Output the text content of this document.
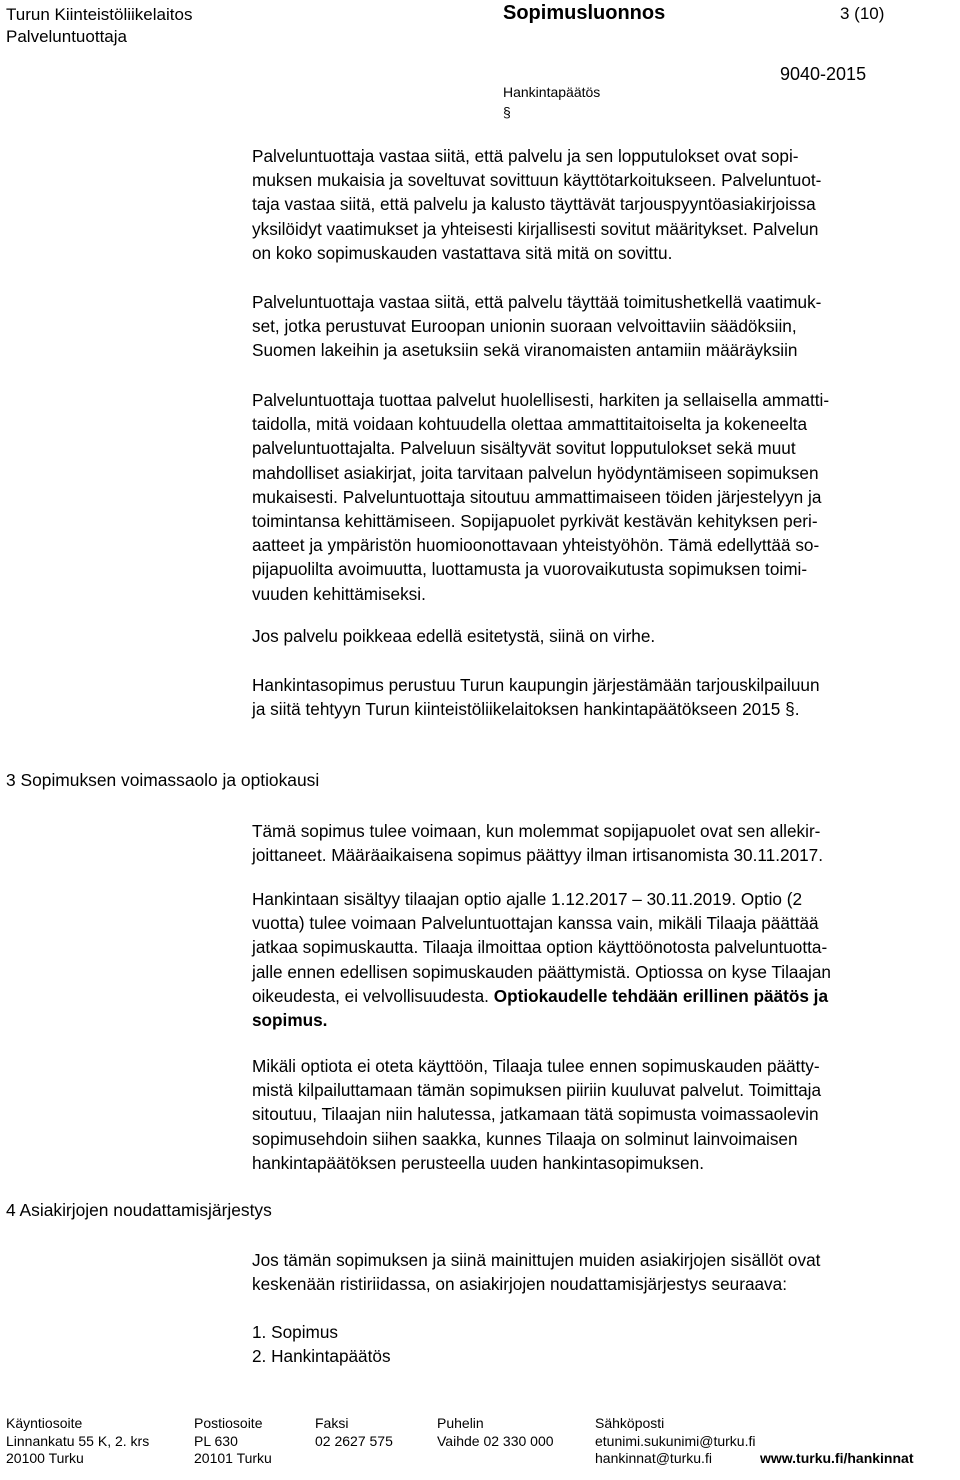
Turun Kiinteistöliikelaitos
Palveluntuottaja
Sopimusluonnos	3 (10)
9040-2015
Hankintapäätös
§

Palveluntuottaja vastaa siitä, että palvelu ja sen lopputulokset ovat sopi-

muksen mukaisia ja soveltuvat sovittuun käyttötarkoitukseen. Palveluntuot-

taja vastaa siitä, että palvelu ja kalusto täyttävät tarjouspyyntöasiakirjoissa

yksilöidyt vaatimukset ja yhteisesti kirjallisesti sovitut määritykset. Palvelun

on koko sopimuskauden vastattava sitä mitä on sovittu.

Palveluntuottaja vastaa siitä, että palvelu täyttää toimitushetkellä vaatimuk-

set, jotka perustuvat Euroopan unionin suoraan velvoittaviin säädöksiin,

Suomen lakeihin ja asetuksiin sekä viranomaisten antamiin määräyksiin

Palveluntuottaja tuottaa palvelut huolellisesti, harkiten ja sellaisella ammatti-

taidolla, mitä voidaan kohtuudella olettaa ammattitaitoiselta ja kokeneelta

palveluntuottajalta. Palveluun sisältyvät sovitut lopputulokset sekä muut

mahdolliset asiakirjat, joita tarvitaan palvelun hyödyntämiseen sopimuksen

mukaisesti. Palveluntuottaja sitoutuu ammattimaiseen töiden järjestelyyn ja

toimintansa kehittämiseen. Sopijapuolet pyrkivät kestävän kehityksen peri-

aatteet ja ympäristön huomioonottavaan yhteistyöhön. Tämä edellyttää so-

pijapuolilta avoimuutta, luottamusta ja vuorovaikutusta sopimuksen toimi-

vuuden kehittämiseksi.

Jos palvelu poikkeaa edellä esitetystä, siinä on virhe.

Hankintasopimus perustuu Turun kaupungin järjestämään tarjouskilpailuun

ja siitä tehtyyn Turun kiinteistöliikelaitoksen hankintapäätökseen 2015 §.

3 Sopimuksen voimassaolo ja optiokausi

Tämä sopimus tulee voimaan, kun molemmat sopijapuolet ovat sen allekir-

joittaneet. Määräaikaisena sopimus päättyy ilman irtisanomista 30.11.2017.

Hankintaan sisältyy tilaajan optio ajalle 1.12.2017 – 30.11.2019. Optio (2

vuotta) tulee voimaan Palveluntuottajan kanssa vain, mikäli Tilaaja päättää

jatkaa sopimuskautta. Tilaaja ilmoittaa option käyttöönotosta palveluntuotta-

jalle ennen edellisen sopimuskauden päättymistä. Optiossa on kyse Tilaajan

oikeudesta, ei velvollisuudesta. Optiokaudelle tehdään erillinen päätös ja

sopimus.

Mikäli optiota ei oteta käyttöön, Tilaaja tulee ennen sopimuskauden päätty-

mistä kilpailuttamaan tämän sopimuksen piiriin kuuluvat palvelut. Toimittaja

sitoutuu, Tilaajan niin halutessa, jatkamaan tätä sopimusta voimassaolevin

sopimusehdoin siihen saakka, kunnes Tilaaja on solminut lainvoimaisen

hankintapäätöksen perusteella uuden hankintasopimuksen.

4 Asiakirjojen noudattamisjärjestys

Jos tämän sopimuksen ja siinä mainittujen muiden asiakirjojen sisällöt ovat

keskenään ristiriidassa, on asiakirjojen noudattamisjärjestys seuraava:

1. Sopimus

2. Hankintapäätös

Käyntiosoite
Linnankatu 55 K, 2. krs
20100 Turku
Postiosoite
PL 630
20101 Turku
Faksi
02 2627 575
Puhelin
Vaihde 02 330 000
Sähköposti
etunimi.sukunimi@turku.fi
hankinnat@turku.fi	www.turku.fi/hankinnat
